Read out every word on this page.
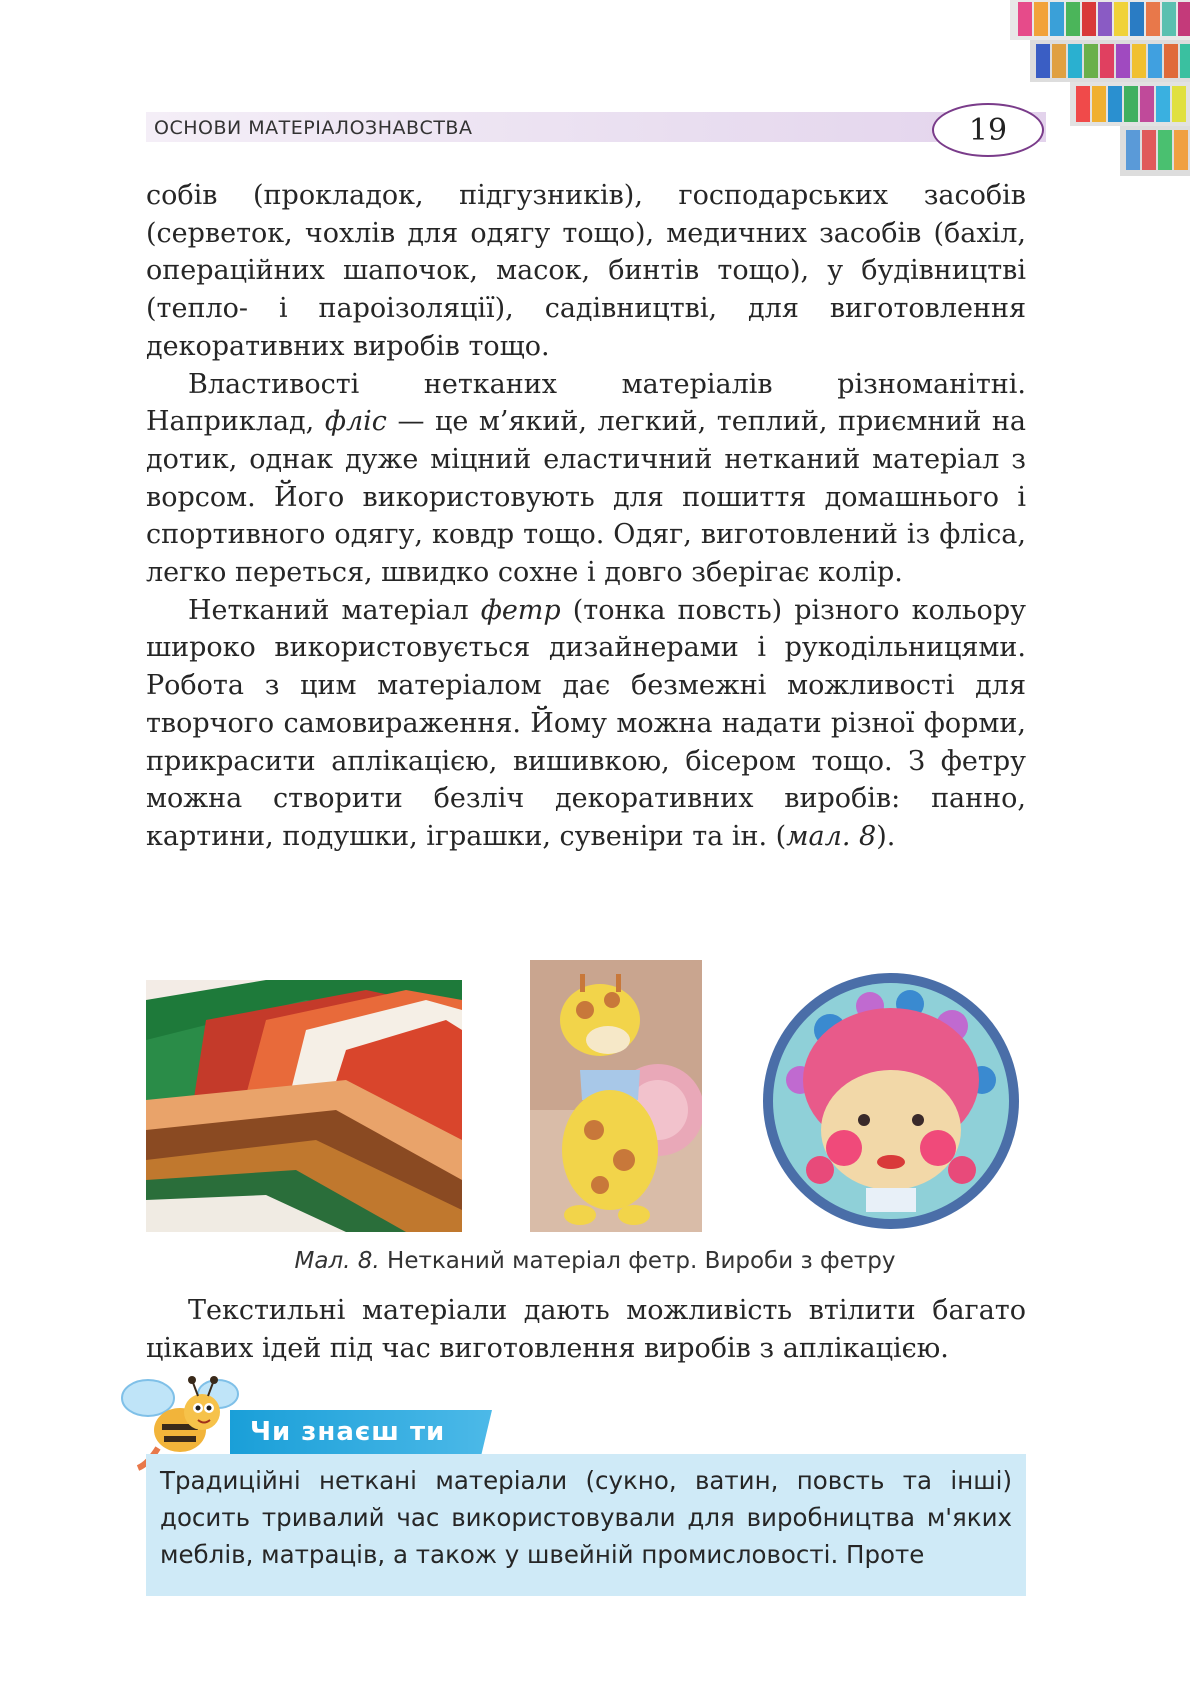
ОСНОВИ МАТЕРІАЛОЗНАВСТВА	19

собів (прокладок, підгузників), господарських засобів (серветок, чохлів для одягу тощо), медичних засобів (бахіл, операційних шапочок, масок, бинтів тощо), у будівництві (тепло- і пароізоляції), садівництві, для виготовлення декоративних виробів тощо.

Властивості нетканих матеріалів різноманітні. Наприклад, фліс — це м’який, легкий, теплий, приємний на дотик, однак дуже міцний еластичний нетканий матеріал з ворсом. Його використовують для пошиття домашнього і спортивного одягу, ковдр тощо. Одяг, виготовлений із фліса, легко переться, швидко сохне і довго зберігає колір.

Нетканий матеріал фетр (тонка повсть) різного кольору широко використовується дизайнерами і рукодільницями. Робота з цим матеріалом дає безмежні можливості для творчого самовираження. Йому можна надати різної форми, прикрасити аплікацією, вишивкою, бісером тощо. З фетру можна створити безліч декоративних виробів: панно, картини, подушки, іграшки, сувеніри та ін. (мал. 8).

Мал. 8. Нетканий матеріал фетр. Вироби з фетру

Текстильні матеріали дають можливість втілити багато цікавих ідей під час виготовлення виробів з аплікацією.

Чи знаєш ти
Традиційні неткані матеріали (сукно, ватин, повсть та інші) досить тривалий час використовували для виробництва м'яких меблів, матраців, а також у швейній промисловості. Проте
